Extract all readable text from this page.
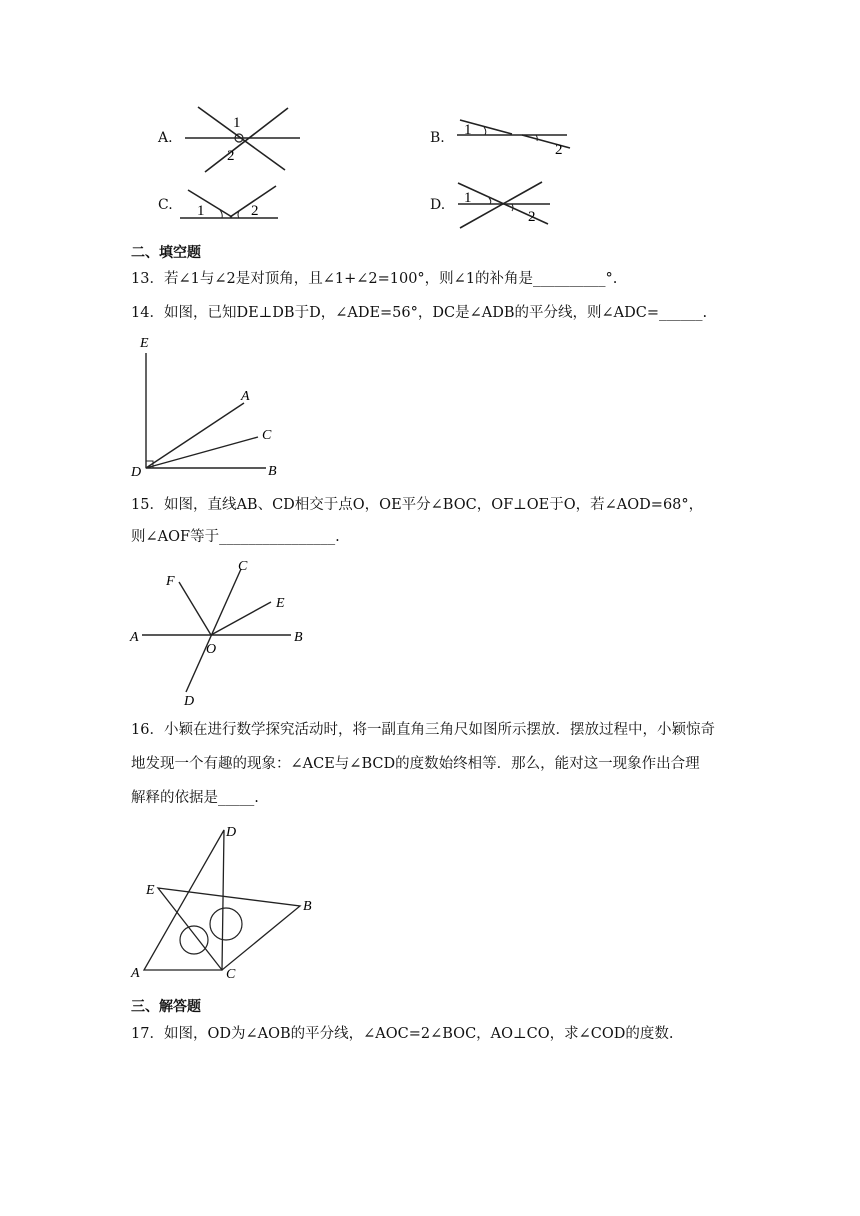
A.
1
2
B. 1
2
C. 1	2	D. 1
2
二、填空题
13．若∠1与∠2是对顶角，且∠1+∠2=100°，则∠1的补角是__________°.
14．如图，已知DE⊥DB于D，∠ADE=56°，DC是∠ADB的平分线，则∠ADC=______.
E
A
C
D	B
15．如图，直线AB、CD相交于点O，OE平分∠BOC，OF⊥OE于O，若∠AOD=68°，
则∠AOF等于________________.
A	B
C
D
E
F
O
16．小颖在进行数学探究活动时，将一副直角三角尺如图所示摆放．摆放过程中，小颖惊奇
地发现一个有趣的现象：∠ACE与∠BCD的度数始终相等．那么，能对这一现象作出合理
解释的依据是_____.
D
E
B
A	C
三、解答题
17．如图，OD为∠AOB的平分线，∠AOC=2∠BOC，AO⊥CO，求∠COD的度数.
